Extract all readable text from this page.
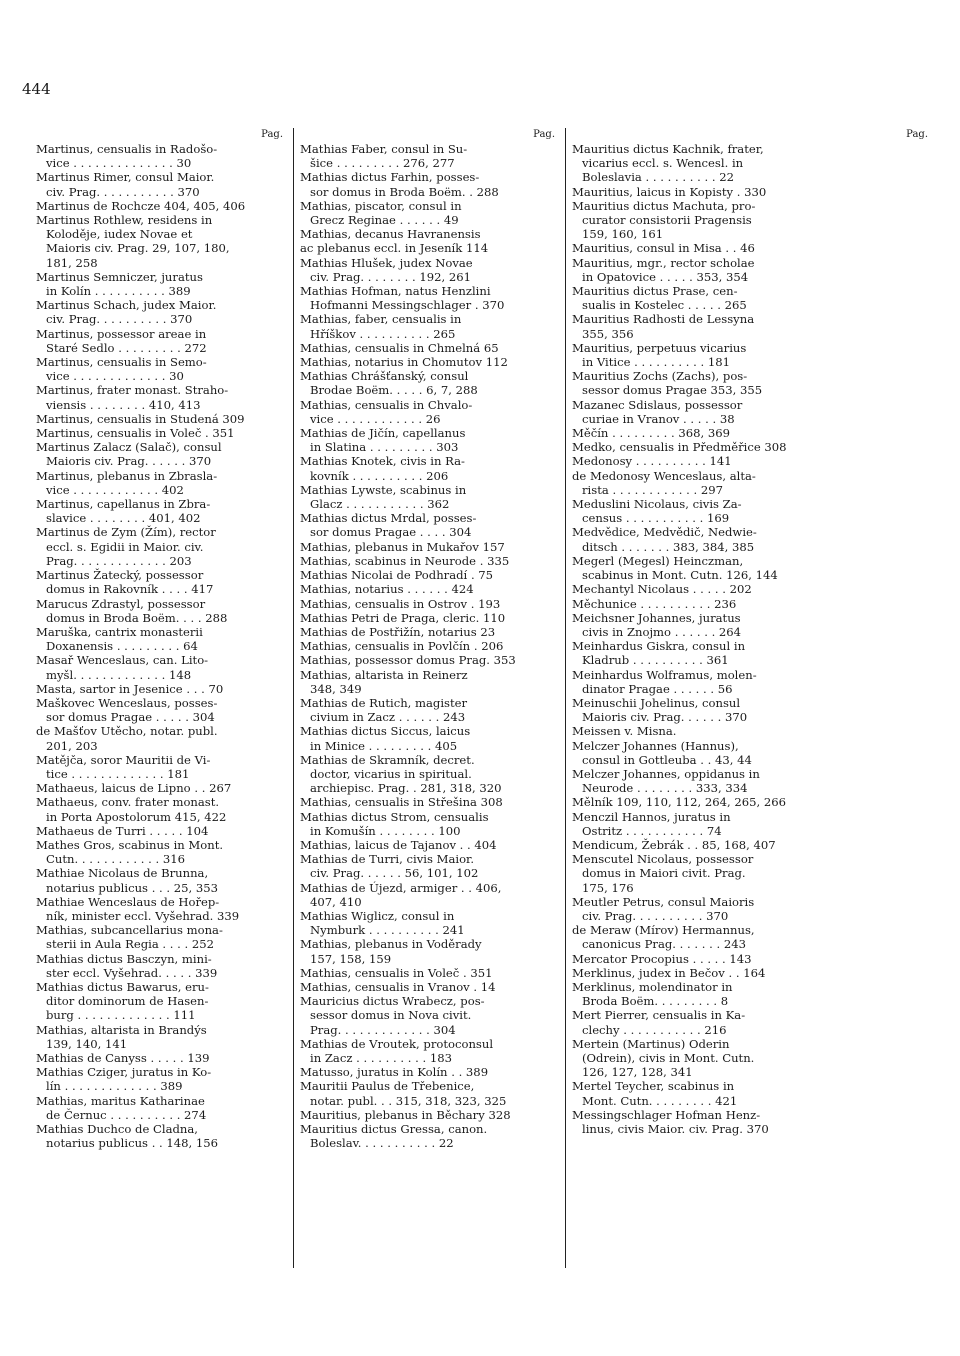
444
Pag.
Martinus, censualis in Radošo-
vice . . . . . . . . . . . . . . 30
Martinus Rimer, consul Maior.
civ. Prag. . . . . . . . . . . 370
Martinus de Rochcze 404, 405, 406
Martinus Rothlew, residens in
Koloděje, iudex Novae et
Maioris civ. Prag. 29, 107, 180,
181, 258
Martinus Semniczer, juratus
in Kolín . . . . . . . . . . 389
Martinus Schach, judex Maior.
civ. Prag. . . . . . . . . . 370
Martinus, possessor areae in
Staré Sedlo . . . . . . . . . 272
Martinus, censualis in Semo-
vice . . . . . . . . . . . . . 30
Martinus, frater monast. Straho-
viensis . . . . . . . . 410, 413
Martinus, censualis in Studená 309
Martinus, censualis in Voleč . 351
Martinus Zalacz (Salač), consul
Maioris civ. Prag. . . . . . 370
Martinus, plebanus in Zbrasla-
vice . . . . . . . . . . . . 402
Martinus, capellanus in Zbra-
slavice . . . . . . . . 401, 402
Martinus de Zym (Žím), rector
eccl. s. Egidii in Maior. civ.
Prag. . . . . . . . . . . . . 203
Martinus Žatecký, possessor
domus in Rakovník . . . . 417
Marucus Zdrastyl, possessor
domus in Broda Boëm. . . . 288
Maruška, cantrix monasterii
Doxanensis . . . . . . . . . 64
Masař Wenceslaus, can. Lito-
myšl. . . . . . . . . . . . . 148
Masta, sartor in Jesenice . . . 70
Maškovec Wenceslaus, posses-
sor domus Pragae . . . . . 304
de Mašťov Utěcho, notar. publ.
201, 203
Matějča, soror Mauritii de Vi-
tice . . . . . . . . . . . . . 181
Mathaeus, laicus de Lipno . . 267
Mathaeus, conv. frater monast.
in Porta Apostolorum 415, 422
Mathaeus de Turri . . . . . 104
Mathes Gros, scabinus in Mont.
Cutn. . . . . . . . . . . . 316
Mathiae Nicolaus de Brunna,
notarius publicus . . . 25, 353
Mathiae Wenceslaus de Hořep-
ník, minister eccl. Vyšehrad. 339
Mathias, subcancellarius mona-
sterii in Aula Regia . . . . 252
Mathias dictus Basczyn, mini-
ster eccl. Vyšehrad. . . . . 339
Mathias dictus Bawarus, eru-
ditor dominorum de Hasen-
burg . . . . . . . . . . . . . 111
Mathias, altarista in Brandýs
139, 140, 141
Mathias de Canyss . . . . . 139
Mathias Cziger, juratus in Ko-
lín . . . . . . . . . . . . . 389
Mathias, maritus Katharinae
de Černuc . . . . . . . . . . 274
Mathias Duchco de Cladna,
notarius publicus . . 148, 156
Pag.
Mathias Faber, consul in Su-
šice . . . . . . . . . 276, 277
Mathias dictus Farhin, posses-
sor domus in Broda Boëm. . 288
Mathias, piscator, consul in
Grecz Reginae . . . . . . 49
Mathias, decanus Havranensis
ac plebanus eccl. in Jeseník 114
Mathias Hlušek, judex Novae
civ. Prag. . . . . . . . 192, 261
Mathias Hofman, natus Henzlini
Hofmanni Messingschlager . 370
Mathias, faber, censualis in
Hříškov . . . . . . . . . . 265
Mathias, censualis in Chmelná 65
Mathias, notarius in Chomutov 112
Mathias Chrášťanský, consul
Brodae Boëm. . . . . 6, 7, 288
Mathias, censualis in Chvalo-
vice . . . . . . . . . . . . 26
Mathias de Jičín, capellanus
in Slatina . . . . . . . . . 303
Mathias Knotek, civis in Ra-
kovník . . . . . . . . . . 206
Mathias Lywste, scabinus in
Glacz . . . . . . . . . . . 362
Mathias dictus Mrdal, posses-
sor domus Pragae . . . . 304
Mathias, plebanus in Mukařov 157
Mathias, scabinus in Neurode . 335
Mathias Nicolai de Podhradí . 75
Mathias, notarius . . . . . . 424
Mathias, censualis in Ostrov . 193
Mathias Petri de Praga, cleric. 110
Mathias de Postřižín, notarius 23
Mathias, censualis in Povlčín . 206
Mathias, possessor domus Prag. 353
Mathias, altarista in Reinerz
348, 349
Mathias de Rutich, magister
civium in Zacz . . . . . . 243
Mathias dictus Siccus, laicus
in Minice . . . . . . . . . 405
Mathias de Skramník, decret.
doctor, vicarius in spiritual.
archiepisc. Prag. . 281, 318, 320
Mathias, censualis in Střešina 308
Mathias dictus Strom, censualis
in Komušín . . . . . . . . 100
Mathias, laicus de Tajanov . . 404
Mathias de Turri, civis Maior.
civ. Prag. . . . . . 56, 101, 102
Mathias de Újezd, armiger . . 406,
407, 410
Mathias Wiglicz, consul in
Nymburk . . . . . . . . . . 241
Mathias, plebanus in Voděrady
157, 158, 159
Mathias, censualis in Voleč . 351
Mathias, censualis in Vranov . 14
Mauricius dictus Wrabecz, pos-
sessor domus in Nova civit.
Prag. . . . . . . . . . . . . 304
Mathias de Vroutek, protoconsul
in Zacz . . . . . . . . . . 183
Matusso, juratus in Kolín . . 389
Mauritii Paulus de Třebenice,
notar. publ. . . 315, 318, 323, 325
Mauritius, plebanus in Běchary 328
Mauritius dictus Gressa, canon.
Boleslav. . . . . . . . . . . 22
Pag.
Mauritius dictus Kachnik, frater,
vicarius eccl. s. Wencesl. in
Boleslavia . . . . . . . . . . 22
Mauritius, laicus in Kopisty . 330
Mauritius dictus Machuta, pro-
curator consistorii Pragensis
159, 160, 161
Mauritius, consul in Misa . . 46
Mauritius, mgr., rector scholae
in Opatovice . . . . . 353, 354
Mauritius dictus Prase, cen-
sualis in Kostelec . . . . . 265
Mauritius Radhosti de Lessyna
355, 356
Mauritius, perpetuus vicarius
in Vitice . . . . . . . . . . 181
Mauritius Zochs (Zachs), pos-
sessor domus Pragae 353, 355
Mazanec Sdislaus, possessor
curiae in Vranov . . . . . 38
Měčín . . . . . . . . . 368, 369
Medko, censualis in Předměřice 308
Medonosy . . . . . . . . . . 141
de Medonosy Wenceslaus, alta-
rista . . . . . . . . . . . . 297
Meduslini Nicolaus, civis Za-
census . . . . . . . . . . . 169
Medvědice, Medvědič, Nedwie-
ditsch . . . . . . . 383, 384, 385
Megerl (Megesl) Heinczman,
scabinus in Mont. Cutn. 126, 144
Mechantyl Nicolaus . . . . . 202
Měchunice . . . . . . . . . . 236
Meichsner Johannes, juratus
civis in Znojmo . . . . . . 264
Meinhardus Giskra, consul in
Kladrub . . . . . . . . . . 361
Meinhardus Wolframus, molen-
dinator Pragae . . . . . . 56
Meinuschii Johelinus, consul
Maioris civ. Prag. . . . . . 370
Meissen v. Misna.
Melczer Johannes (Hannus),
consul in Gottleuba . . 43, 44
Melczer Johannes, oppidanus in
Neurode . . . . . . . . 333, 334
Mělník 109, 110, 112, 264, 265, 266
Menczil Hannos, juratus in
Ostritz . . . . . . . . . . . 74
Mendicum, Žebrák . . 85, 168, 407
Menscutel Nicolaus, possessor
domus in Maiori civit. Prag.
175, 176
Meutler Petrus, consul Maioris
civ. Prag. . . . . . . . . . 370
de Meraw (Mírov) Hermannus,
canonicus Prag. . . . . . . 243
Mercator Procopius . . . . . 143
Merklinus, judex in Bečov . . 164
Merklinus, molendinator in
Broda Boëm. . . . . . . . . 8
Mert Pierrer, censualis in Ka-
clechy . . . . . . . . . . . 216
Mertein (Martinus) Oderin
(Odrein), civis in Mont. Cutn.
126, 127, 128, 341
Mertel Teycher, scabinus in
Mont. Cutn. . . . . . . . . 421
Messingschlager Hofman Henz-
linus, civis Maior. civ. Prag. 370
